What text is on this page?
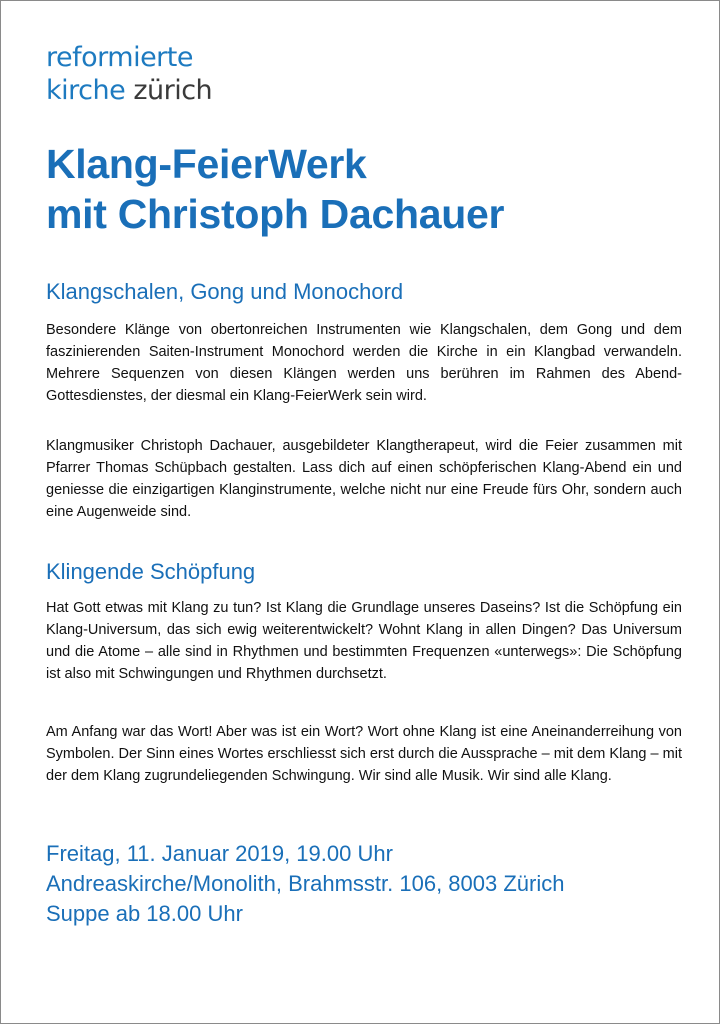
reformierte
kirche zürich
Klang-FeierWerk
mit Christoph Dachauer
Klangschalen, Gong und Monochord

Besondere Klänge von obertonreichen Instrumenten wie Klangschalen, dem Gong und dem faszinierenden Saiten-Instrument Monochord werden die Kirche in ein Klangbad verwandeln. Mehrere Sequenzen von diesen Klängen werden uns berühren im Rahmen des Abend-Gottesdienstes, der diesmal ein Klang-FeierWerk sein wird.

Klangmusiker Christoph Dachauer, ausgebildeter Klangtherapeut, wird die Feier zusammen mit Pfarrer Thomas Schüpbach gestalten. Lass dich auf einen schöpferischen Klang-Abend ein und geniesse die einzigartigen Klanginstrumente, welche nicht nur eine Freude fürs Ohr, sondern auch eine Augenweide sind.

Klingende Schöpfung

Hat Gott etwas mit Klang zu tun? Ist Klang die Grundlage unseres Daseins? Ist die Schöpfung ein Klang-Universum, das sich ewig weiterentwickelt? Wohnt Klang in allen Dingen? Das Universum und die Atome – alle sind in Rhythmen und bestimmten Frequenzen «unterwegs»: Die Schöpfung ist also mit Schwingungen und Rhythmen durchsetzt.

Am Anfang war das Wort! Aber was ist ein Wort? Wort ohne Klang ist eine Aneinanderreihung von Symbolen. Der Sinn eines Wortes erschliesst sich erst durch die Aussprache – mit dem Klang – mit der dem Klang zugrundeliegenden Schwingung. Wir sind alle Musik. Wir sind alle Klang.

Freitag, 11. Januar 2019, 19.00 Uhr
Andreaskirche/Monolith, Brahmsstr. 106, 8003 Zürich
Suppe ab 18.00 Uhr
